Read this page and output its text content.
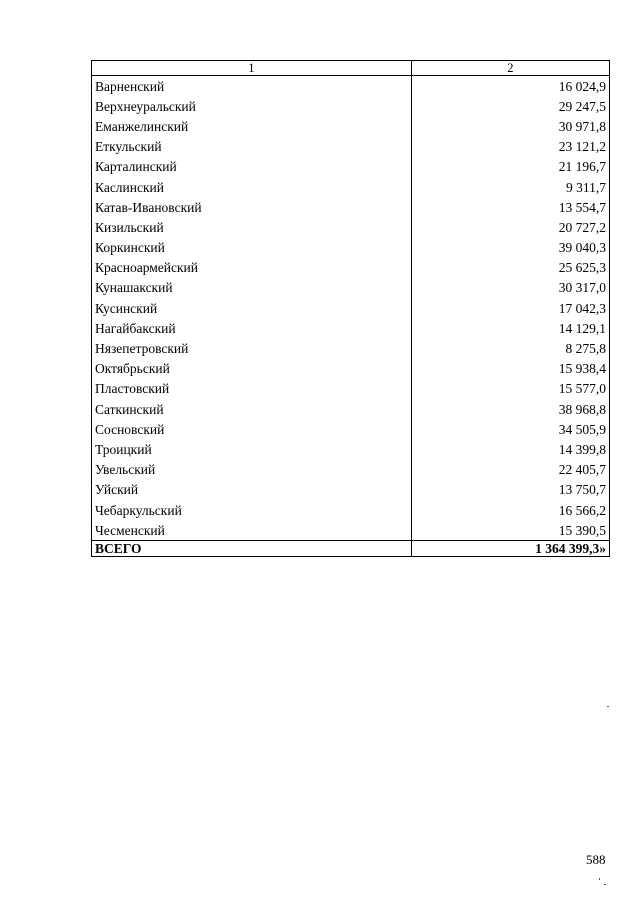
1	2
Варненский	16 024,9
Верхнеуральский	29 247,5
Еманжелинский	30 971,8
Еткульский	23 121,2
Карталинский	21 196,7
Каслинский	9 311,7
Катав-Ивановский	13 554,7
Кизильский	20 727,2
Коркинский	39 040,3
Красноармейский	25 625,3
Кунашакский	30 317,0
Кусинский	17 042,3
Нагайбакский	14 129,1
Нязепетровский	8 275,8
Октябрьский	15 938,4
Пластовский	15 577,0
Саткинский	38 968,8
Сосновский	34 505,9
Троицкий	14 399,8
Увельский	22 405,7
Уйский	13 750,7
Чебаркульский	16 566,2
Чесменский	15 390,5
ВСЕГО	1 364 399,3»
588
